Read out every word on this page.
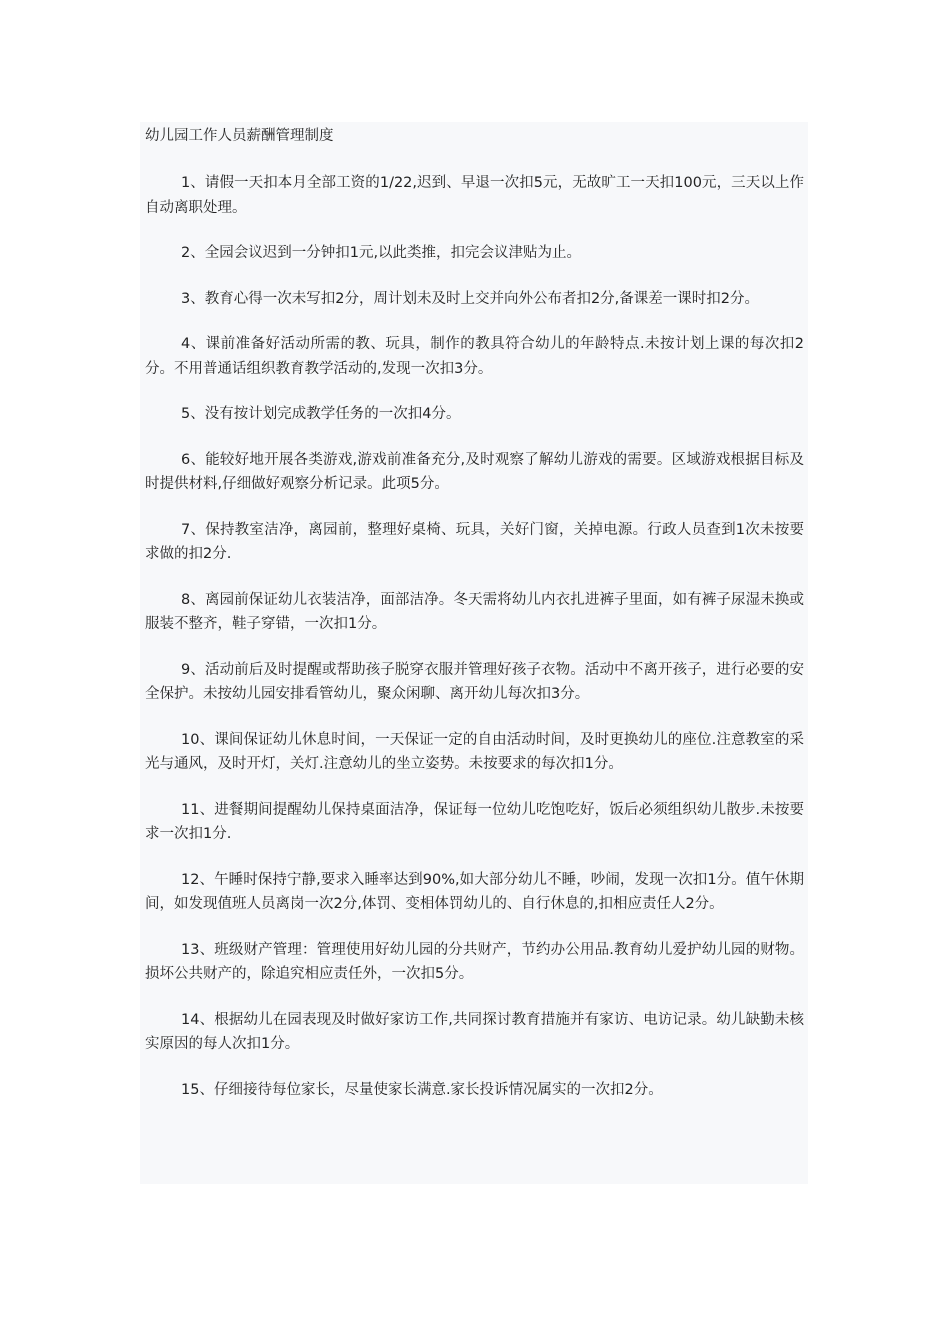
幼儿园工作人员薪酬管理制度

1、请假一天扣本月全部工资的1/22,迟到、早退一次扣5元，无故旷工一天扣100元，三天以上作自动离职处理。

2、全园会议迟到一分钟扣1元,以此类推，扣完会议津贴为止。

3、教育心得一次未写扣2分，周计划未及时上交并向外公布者扣2分,备课差一课时扣2分。

4、课前准备好活动所需的教、玩具，制作的教具符合幼儿的年龄特点.未按计划上课的每次扣2分。不用普通话组织教育教学活动的,发现一次扣3分。

5、没有按计划完成教学任务的一次扣4分。

6、能较好地开展各类游戏,游戏前准备充分,及时观察了解幼儿游戏的需要。区域游戏根据目标及时提供材料,仔细做好观察分析记录。此项5分。

7、保持教室洁净，离园前，整理好桌椅、玩具，关好门窗，关掉电源。行政人员查到1次未按要求做的扣2分.

8、离园前保证幼儿衣装洁净，面部洁净。冬天需将幼儿内衣扎进裤子里面，如有裤子尿湿未换或服装不整齐，鞋子穿错，一次扣1分。

9、活动前后及时提醒或帮助孩子脱穿衣服并管理好孩子衣物。活动中不离开孩子，进行必要的安全保护。未按幼儿园安排看管幼儿，聚众闲聊、离开幼儿每次扣3分。

10、课间保证幼儿休息时间，一天保证一定的自由活动时间，及时更换幼儿的座位.注意教室的采光与通风，及时开灯，关灯.注意幼儿的坐立姿势。未按要求的每次扣1分。

11、进餐期间提醒幼儿保持桌面洁净，保证每一位幼儿吃饱吃好，饭后必须组织幼儿散步.未按要求一次扣1分.

12、午睡时保持宁静,要求入睡率达到90%,如大部分幼儿不睡，吵闹，发现一次扣1分。值午休期间，如发现值班人员离岗一次2分,体罚、变相体罚幼儿的、自行休息的,扣相应责任人2分。

13、班级财产管理：管理使用好幼儿园的分共财产，节约办公用品.教育幼儿爱护幼儿园的财物。损坏公共财产的，除追究相应责任外，一次扣5分。

14、根据幼儿在园表现及时做好家访工作,共同探讨教育措施并有家访、电访记录。幼儿缺勤未核实原因的每人次扣1分。

15、仔细接待每位家长，尽量使家长满意.家长投诉情况属实的一次扣2分。
